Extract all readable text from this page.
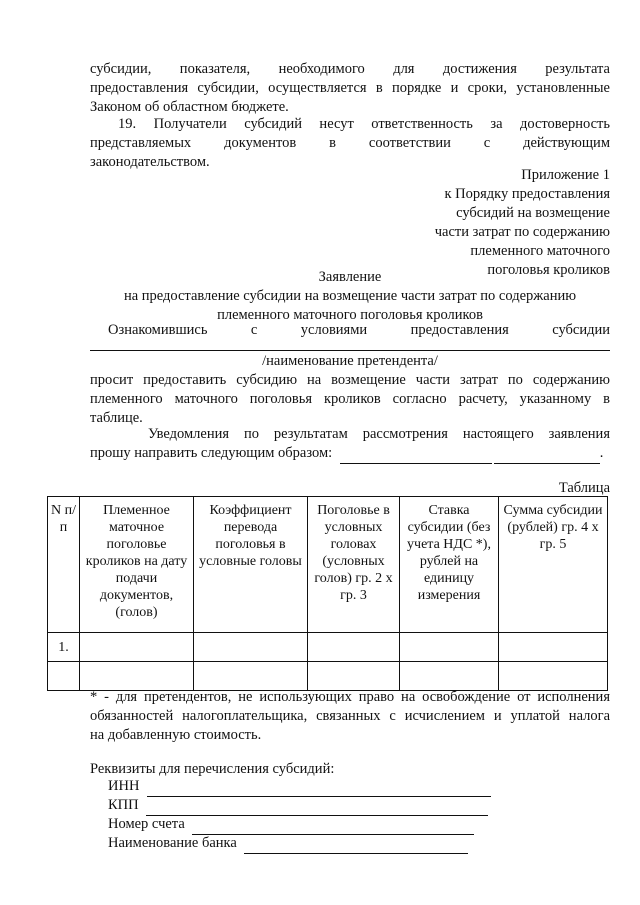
субсидии, показателя, необходимого для достижения результата
предоставления субсидии, осуществляется в порядке и сроки, установленные
Законом об областном бюджете.
19. Получатели субсидий несут ответственность за достоверность
представляемых документов в соответствии с действующим
законодательством.
Приложение 1
к Порядку предоставления
субсидий на возмещение
части затрат по содержанию
племенного маточного
поголовья кроликов
Заявление
на предоставление субсидии на возмещение части затрат по содержанию
племенного маточного поголовья кроликов
Ознакомившись с условиями предоставления субсидии
/наименование претендента/
просит предоставить субсидию на возмещение части затрат по содержанию
племенного маточного поголовья кроликов согласно расчету, указанному в
таблице.
Уведомления по результатам рассмотрения настоящего заявления
прошу направить следующим образом:	.
Таблица
N п/п	Племенное маточное поголовье кроликов на дату подачи документов, (голов)	Коэффициент перевода поголовья в условные головы	Поголовье в условных головах (условных голов) гр. 2 х гр. 3	Ставка субсидии (без учета НДС *), рублей на единицу измерения	Сумма субсидии (рублей) гр. 4 х гр. 5
1.					

* - для претендентов, не использующих право на освобождение от исполнения
обязанностей налогоплательщика, связанных с исчислением и уплатой налога
на добавленную стоимость.
Реквизиты для перечисления субсидий:
ИНН
КПП
Номер счета
Наименование банка
